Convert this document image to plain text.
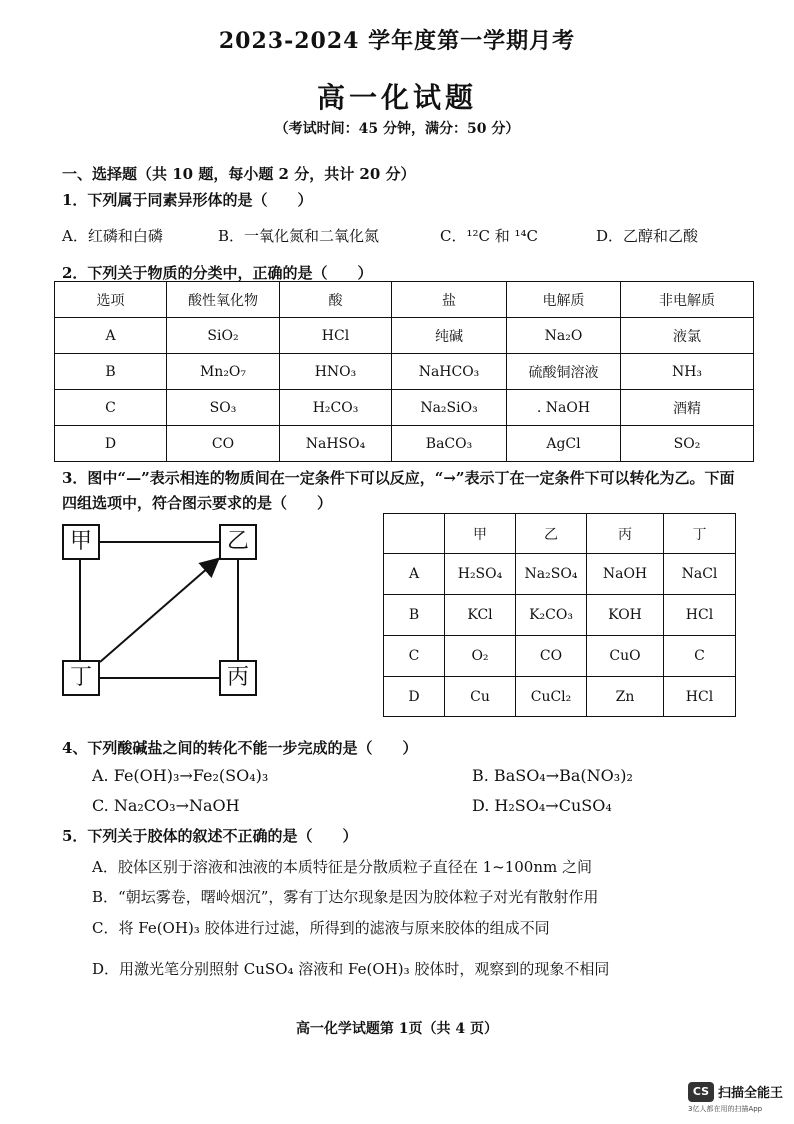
2023-2024 学年度第一学期月考
高一化试题
（考试时间：45 分钟，满分：50 分）
一、选择题（共 10 题，每小题 2 分，共计 20 分）
1．下列属于同素异形体的是（　　）
A．红磷和白磷	B．一氧化氮和二氧化氮	C．¹²C 和 ¹⁴C	D．乙醇和乙酸
2．下列关于物质的分类中，正确的是（　　）
选项	酸性氧化物	酸	盐	电解质	非电解质
A	SiO₂	HCl	纯碱	Na₂O	液氯
B	Mn₂O₇	HNO₃	NaHCO₃	硫酸铜溶液	NH₃
C	SO₃	H₂CO₃	Na₂SiO₃	. NaOH	酒精
D	CO	NaHSO₄	BaCO₃	AgCl	SO₂
3．图中“—”表示相连的物质间在一定条件下可以反应，“→”表示丁在一定条件下可以转化为乙。下面
四组选项中，符合图示要求的是（　　）
甲	乙
丁	丙
	甲	乙	丙	丁
A	H₂SO₄	Na₂SO₄	NaOH	NaCl
B	KCl	K₂CO₃	KOH	HCl
C	O₂	CO	CuO	C
D	Cu	CuCl₂	Zn	HCl
4、下列酸碱盐之间的转化不能一步完成的是（　　）
A. Fe(OH)₃→Fe₂(SO₄)₃	B. BaSO₄→Ba(NO₃)₂
C. Na₂CO₃→NaOH	D. H₂SO₄→CuSO₄
5．下列关于胶体的叙述不正确的是（　　）
A．胶体区别于溶液和浊液的本质特征是分散质粒子直径在 1~100nm 之间
B．“朝坛雾卷，曙岭烟沉”，雾有丁达尔现象是因为胶体粒子对光有散射作用
C．将 Fe(OH)₃ 胶体进行过滤，所得到的滤液与原来胶体的组成不同
D．用激光笔分别照射 CuSO₄ 溶液和 Fe(OH)₃ 胶体时，观察到的现象不相同
高一化学试题第 1页（共 4 页）
CS 扫描全能王
3亿人都在用的扫描App
